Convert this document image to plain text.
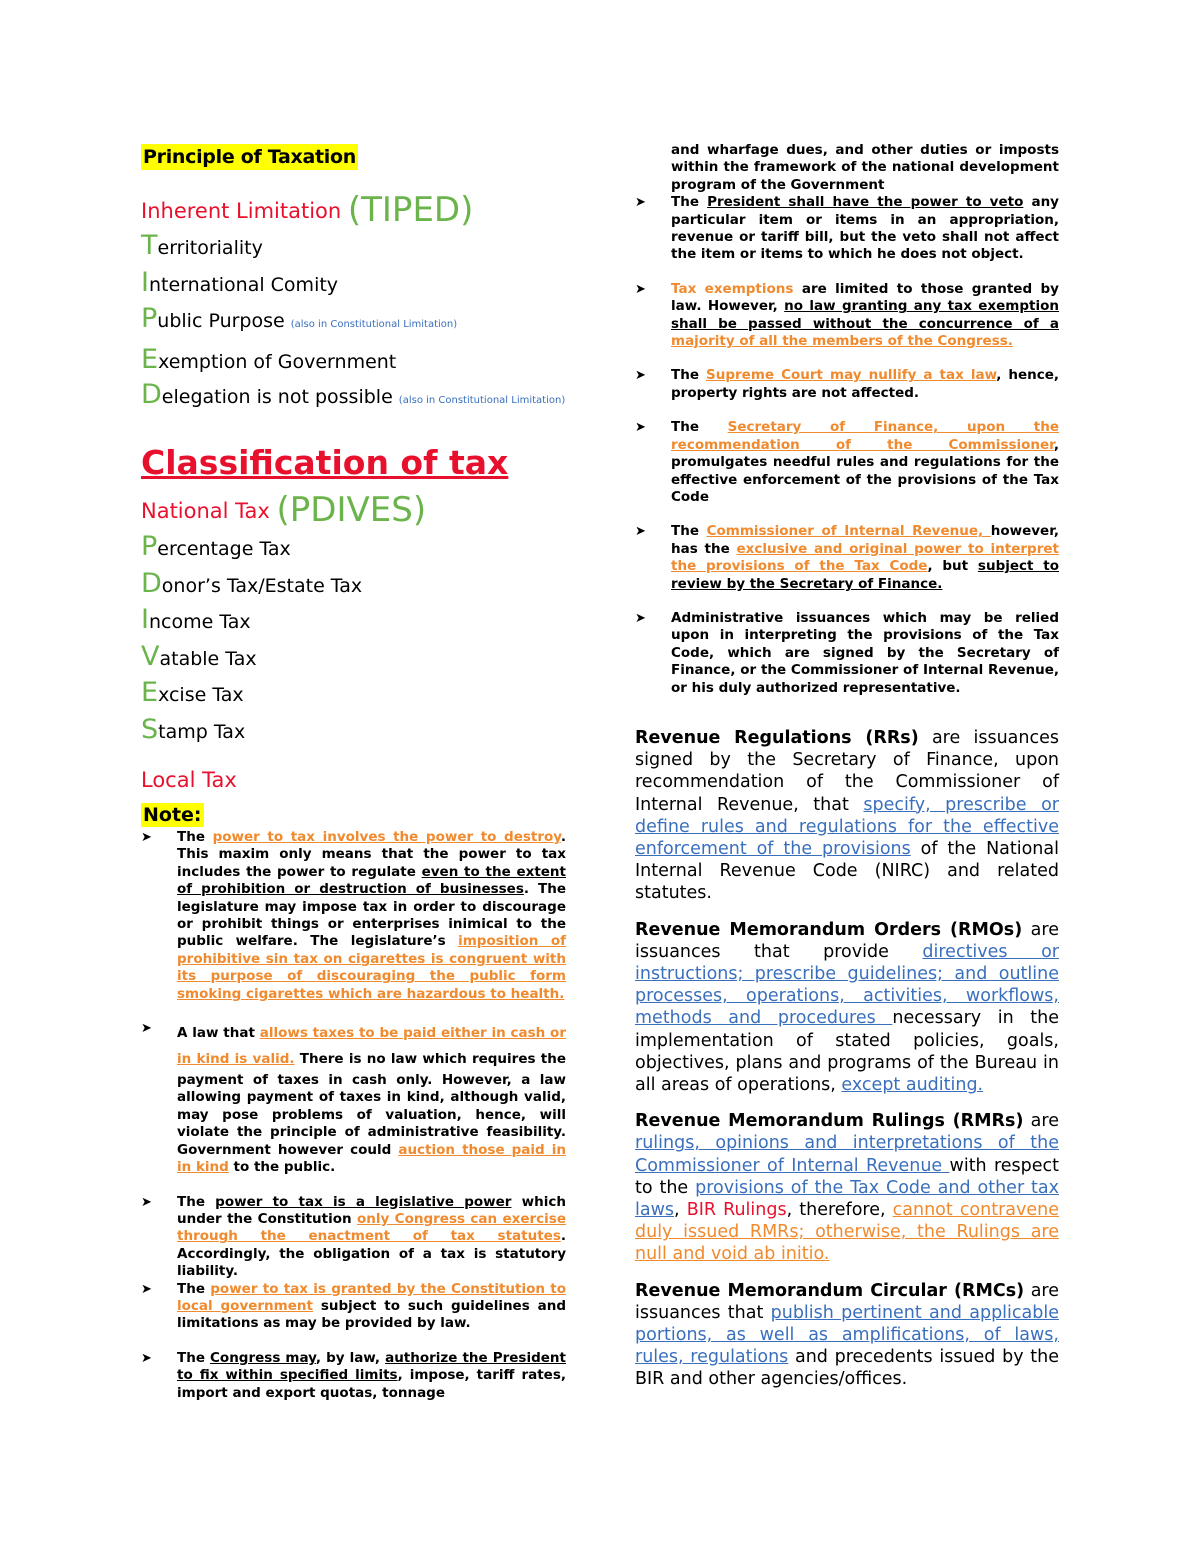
Principle of Taxation
Inherent Limitation (TIPED)
Territoriality
International Comity
Public Purpose (also in Constitutional Limitation)
Exemption of Government
Delegation is not possible (also in Constitutional Limitation)
Classification of tax
National Tax (PDIVES)
Percentage Tax
Donor’s Tax/Estate Tax
Income Tax
Vatable Tax
Excise Tax
Stamp Tax
Local Tax
Note:
➤ The power to tax involves the power to destroy. This maxim only means that the power to tax includes the power to regulate even to the extent of prohibition or destruction of businesses. The legislature may impose tax in order to discourage or prohibit things or enterprises inimical to the public welfare. The legislature’s imposition of prohibitive sin tax on cigarettes is congruent with its purpose of discouraging the public form smoking cigarettes which are hazardous to health.
➤ A law that allows taxes to be paid either in cash or in kind is valid. There is no law which requires the payment of taxes in cash only. However, a law allowing payment of taxes in kind, although valid, may pose problems of valuation, hence, will violate the principle of administrative feasibility. Government however could auction those paid in in kind to the public.
➤ The power to tax is a legislative power which under the Constitution only Congress can exercise through the enactment of tax statutes. Accordingly, the obligation of a tax is statutory liability.
➤ The power to tax is granted by the Constitution to local government subject to such guidelines and limitations as may be provided by law.
➤ The Congress may, by law, authorize the President to fix within specified limits, impose, tariff rates, import and export quotas, tonnage
and wharfage dues, and other duties or imposts within the framework of the national development program of the Government
➤ The President shall have the power to veto any particular item or items in an appropriation, revenue or tariff bill, but the veto shall not affect the item or items to which he does not object.
➤ Tax exemptions are limited to those granted by law. However, no law granting any tax exemption shall be passed without the concurrence of a majority of all the members of the Congress.
➤ The Supreme Court may nullify a tax law, hence, property rights are not affected.
➤ The Secretary of Finance, upon the recommendation of the Commissioner, promulgates needful rules and regulations for the effective enforcement of the provisions of the Tax Code
➤ The Commissioner of Internal Revenue, however, has the exclusive and original power to interpret the provisions of the Tax Code, but subject to review by the Secretary of Finance.
➤ Administrative issuances which may be relied upon in interpreting the provisions of the Tax Code, which are signed by the Secretary of Finance, or the Commissioner of Internal Revenue, or his duly authorized representative.
Revenue Regulations (RRs) are issuances signed by the Secretary of Finance, upon recommendation of the Commissioner of Internal Revenue, that specify, prescribe or define rules and regulations for the effective enforcement of the provisions of the National Internal Revenue Code (NIRC) and related statutes.
Revenue Memorandum Orders (RMOs) are issuances that provide directives or instructions; prescribe guidelines; and outline processes, operations, activities, workflows, methods and procedures necessary in the implementation of stated policies, goals, objectives, plans and programs of the Bureau in all areas of operations, except auditing.
Revenue Memorandum Rulings (RMRs) are rulings, opinions and interpretations of the Commissioner of Internal Revenue with respect to the provisions of the Tax Code and other tax laws, BIR Rulings, therefore, cannot contravene duly issued RMRs; otherwise, the Rulings are null and void ab initio.
Revenue Memorandum Circular (RMCs) are issuances that publish pertinent and applicable portions, as well as amplifications, of laws, rules, regulations and precedents issued by the BIR and other agencies/offices.
